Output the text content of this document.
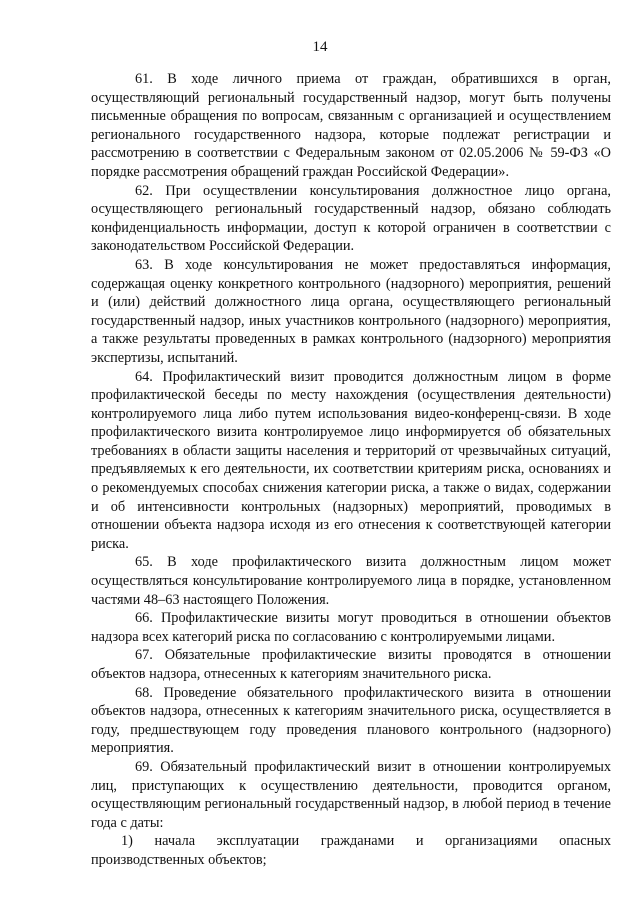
14

61. В ходе личного приема от граждан, обратившихся в орган, осуществляющий региональный государственный надзор, могут быть получены письменные обращения по вопросам, связанным с организацией и осуществлением регионального государственного надзора, которые подлежат регистрации и рассмотрению в соответствии с Федеральным законом от 02.05.2006 № 59-ФЗ «О порядке рассмотрения обращений граждан Российской Федерации».

62. При осуществлении консультирования должностное лицо органа, осуществляющего региональный государственный надзор, обязано соблюдать конфиденциальность информации, доступ к которой ограничен в соответствии с законодательством Российской Федерации.

63. В ходе консультирования не может предоставляться информация, содержащая оценку конкретного контрольного (надзорного) мероприятия, решений и (или) действий должностного лица органа, осуществляющего региональный государственный надзор, иных участников контрольного (надзорного) мероприятия, а также результаты проведенных в рамках контрольного (надзорного) мероприятия экспертизы, испытаний.

64. Профилактический визит проводится должностным лицом в форме профилактической беседы по месту нахождения (осуществления деятельности) контролируемого лица либо путем использования видео-конференц-связи. В ходе профилактического визита контролируемое лицо информируется об обязательных требованиях в области защиты населения и территорий от чрезвычайных ситуаций, предъявляемых к его деятельности, их соответствии критериям риска, основаниях и о рекомендуемых способах снижения категории риска, а также о видах, содержании и об интенсивности контрольных (надзорных) мероприятий, проводимых в отношении объекта надзора исходя из его отнесения к соответствующей категории риска.

65. В ходе профилактического визита должностным лицом может осуществляться консультирование контролируемого лица в порядке, установленном частями 48–63 настоящего Положения.

66. Профилактические визиты могут проводиться в отношении объектов надзора всех категорий риска по согласованию с контролируемыми лицами.

67. Обязательные профилактические визиты проводятся в отношении объектов надзора, отнесенных к категориям значительного риска.

68. Проведение обязательного профилактического визита в отношении объектов надзора, отнесенных к категориям значительного риска, осуществляется в году, предшествующем году проведения планового контрольного (надзорного) мероприятия.

69. Обязательный профилактический визит в отношении контролируемых лиц, приступающих к осуществлению деятельности, проводится органом, осуществляющим региональный государственный надзор, в любой период в течение года с даты:

1) начала эксплуатации гражданами и организациями опасных производственных объектов;
